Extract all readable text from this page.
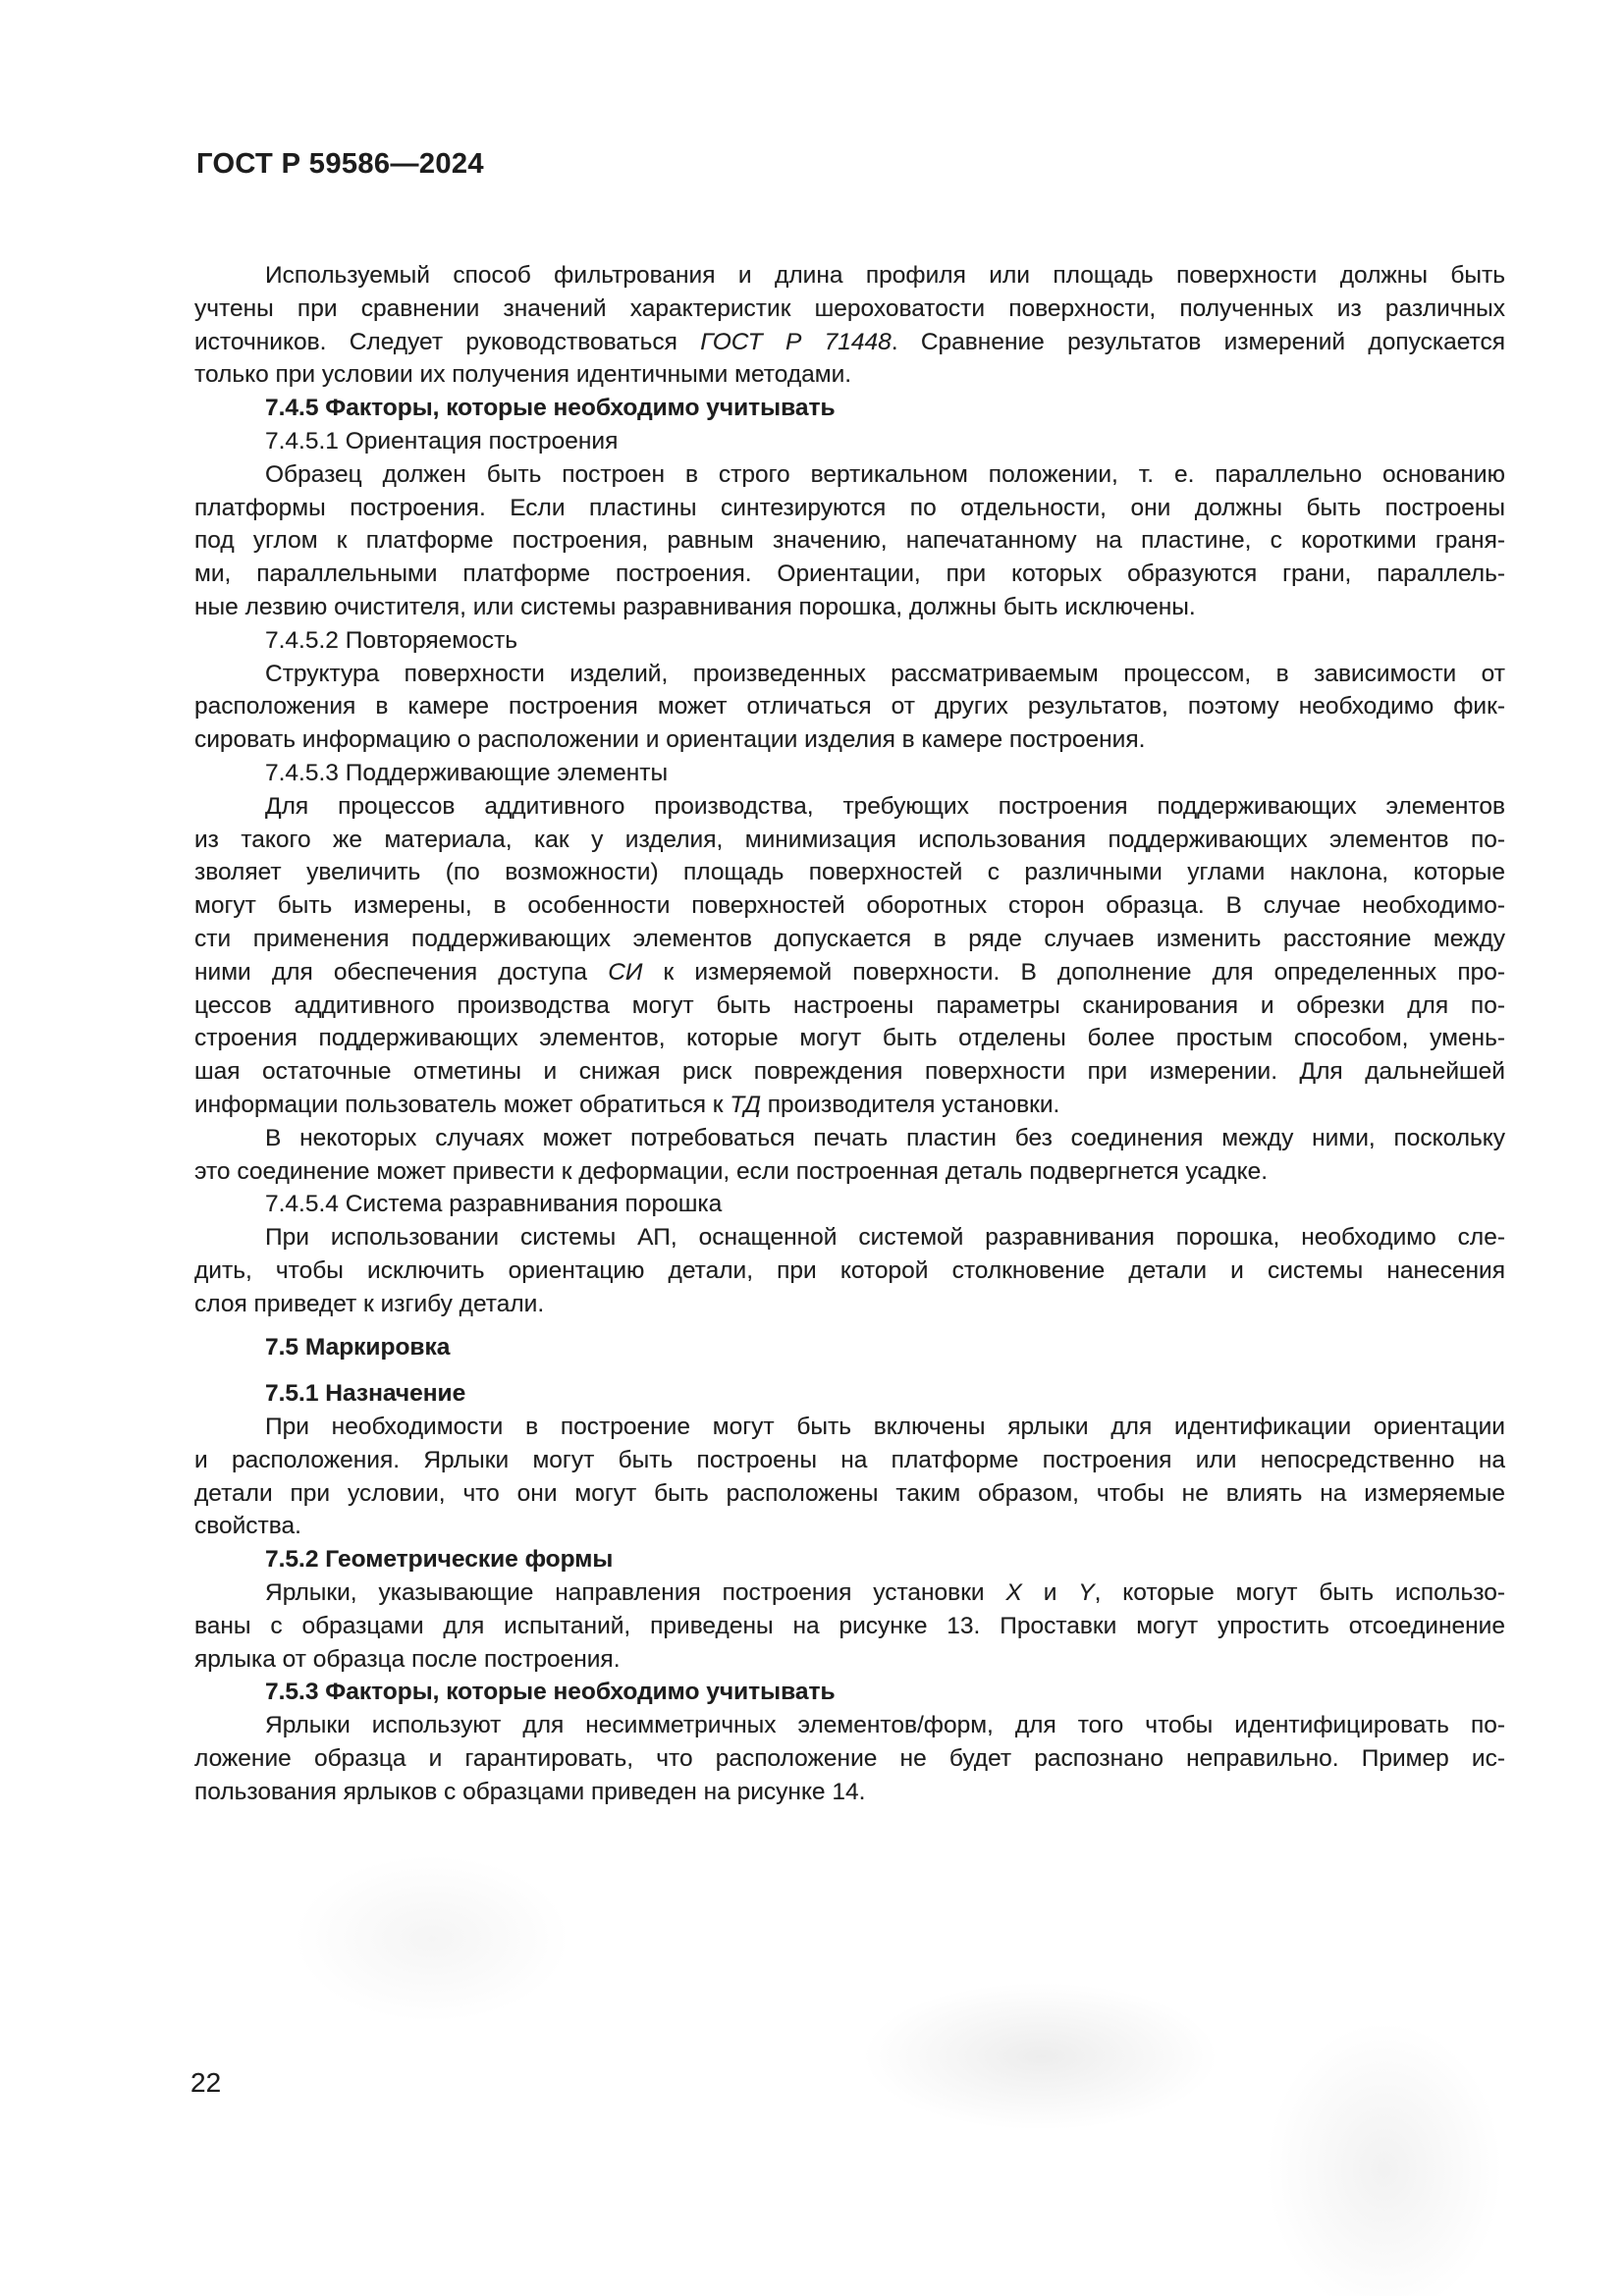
ГОСТ Р 59586—2024
Используемый способ фильтрования и длина профиля или площадь поверхности должны быть
учтены при сравнении значений характеристик шероховатости поверхности, полученных из различных
источников. Следует руководствоваться ГОСТ Р 71448. Сравнение результатов измерений допускается
только при условии их получения идентичными методами.
7.4.5 Факторы, которые необходимо учитывать
7.4.5.1 Ориентация построения
Образец должен быть построен в строго вертикальном положении, т. е. параллельно основанию
платформы построения. Если пластины синтезируются по отдельности, они должны быть построены
под углом к платформе построения, равным значению, напечатанному на пластине, с короткими граня-
ми, параллельными платформе построения. Ориентации, при которых образуются грани, параллель-
ные лезвию очистителя, или системы разравнивания порошка, должны быть исключены.
7.4.5.2 Повторяемость
Структура поверхности изделий, произведенных рассматриваемым процессом, в зависимости от
расположения в камере построения может отличаться от других результатов, поэтому необходимо фик-
сировать информацию о расположении и ориентации изделия в камере построения.
7.4.5.3 Поддерживающие элементы
Для процессов аддитивного производства, требующих построения поддерживающих элементов
из такого же материала, как у изделия, минимизация использования поддерживающих элементов по-
зволяет увеличить (по возможности) площадь поверхностей с различными углами наклона, которые
могут быть измерены, в особенности поверхностей оборотных сторон образца. В случае необходимо-
сти применения поддерживающих элементов допускается в ряде случаев изменить расстояние между
ними для обеспечения доступа СИ к измеряемой поверхности. В дополнение для определенных про-
цессов аддитивного производства могут быть настроены параметры сканирования и обрезки для по-
строения поддерживающих элементов, которые могут быть отделены более простым способом, умень-
шая остаточные отметины и снижая риск повреждения поверхности при измерении. Для дальнейшей
информации пользователь может обратиться к ТД производителя установки.
В некоторых случаях может потребоваться печать пластин без соединения между ними, поскольку
это соединение может привести к деформации, если построенная деталь подвергнется усадке.
7.4.5.4 Система разравнивания порошка
При использовании системы АП, оснащенной системой разравнивания порошка, необходимо сле-
дить, чтобы исключить ориентацию детали, при которой столкновение детали и системы нанесения
слоя приведет к изгибу детали.
7.5 Маркировка
7.5.1 Назначение
При необходимости в построение могут быть включены ярлыки для идентификации ориентации
и расположения. Ярлыки могут быть построены на платформе построения или непосредственно на
детали при условии, что они могут быть расположены таким образом, чтобы не влиять на измеряемые
свойства.
7.5.2 Геометрические формы
Ярлыки, указывающие направления построения установки X и Y, которые могут быть использо-
ваны с образцами для испытаний, приведены на рисунке 13. Проставки могут упростить отсоединение
ярлыка от образца после построения.
7.5.3 Факторы, которые необходимо учитывать
Ярлыки используют для несимметричных элементов/форм, для того чтобы идентифицировать по-
ложение образца и гарантировать, что расположение не будет распознано неправильно. Пример ис-
пользования ярлыков с образцами приведен на рисунке 14.
22
